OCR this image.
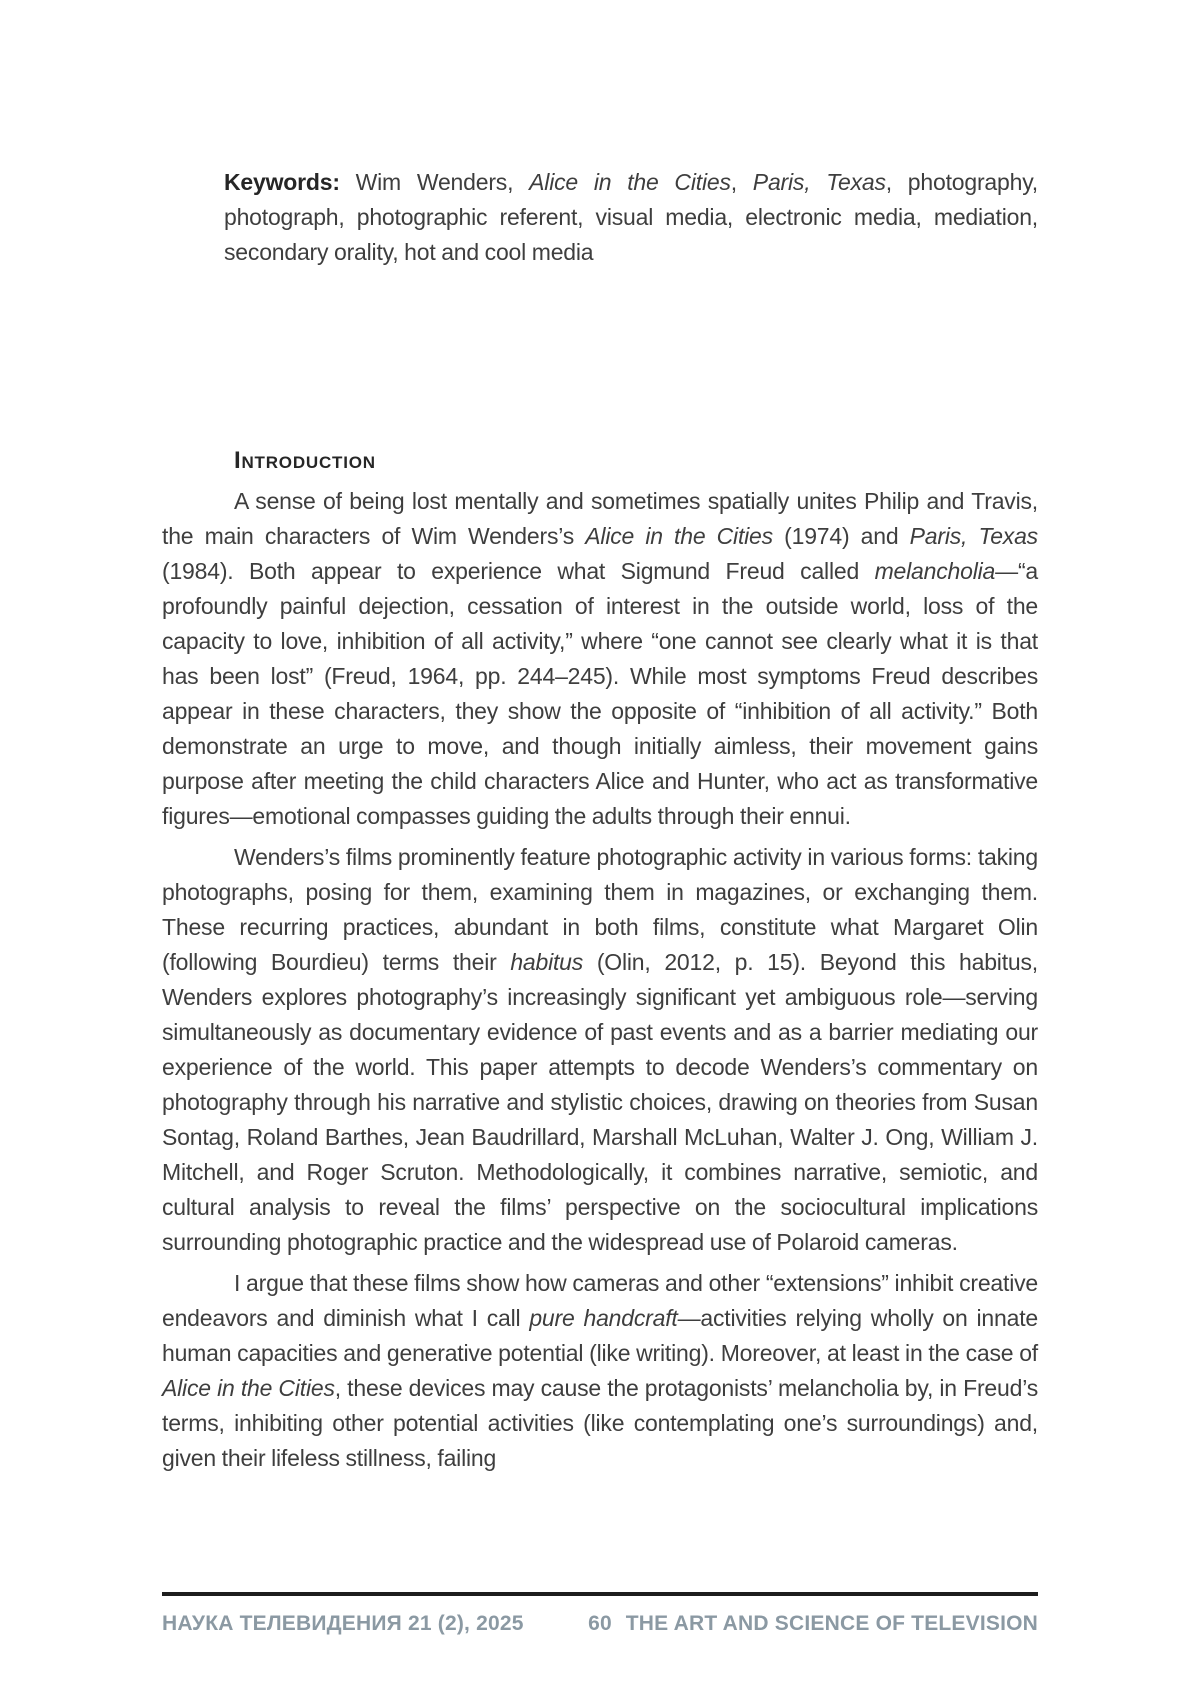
Keywords: Wim Wenders, Alice in the Cities, Paris, Texas, photography, photograph, photographic referent, visual media, electronic media, mediation, secondary orality, hot and cool media

Introduction

A sense of being lost mentally and sometimes spatially unites Philip and Travis, the main characters of Wim Wenders’s Alice in the Cities (1974) and Paris, Texas (1984). Both appear to experience what Sigmund Freud called melancholia—“a profoundly painful dejection, cessation of interest in the outside world, loss of the capacity to love, inhibition of all activity,” where “one cannot see clearly what it is that has been lost” (Freud, 1964, pp. 244–245). While most symptoms Freud describes appear in these characters, they show the opposite of “inhibition of all activity.” Both demonstrate an urge to move, and though initially aimless, their movement gains purpose after meeting the child characters Alice and Hunter, who act as transformative figures—emotional compasses guiding the adults through their ennui.

Wenders’s films prominently feature photographic activity in various forms: taking photographs, posing for them, examining them in magazines, or exchanging them. These recurring practices, abundant in both films, constitute what Margaret Olin (following Bourdieu) terms their habitus (Olin, 2012, p. 15). Beyond this habitus, Wenders explores photography’s increasingly significant yet ambiguous role—serving simultaneously as documentary evidence of past events and as a barrier mediating our experience of the world. This paper attempts to decode Wenders’s commentary on photography through his narrative and stylistic choices, drawing on theories from Susan Sontag, Roland Barthes, Jean Baudrillard, Marshall McLuhan, Walter J. Ong, William J. Mitchell, and Roger Scruton. Methodologically, it combines narrative, semiotic, and cultural analysis to reveal the films’ perspective on the sociocultural implications surrounding photographic practice and the widespread use of Polaroid cameras.

I argue that these films show how cameras and other “extensions” inhibit creative endeavors and diminish what I call pure handcraft—activities relying wholly on innate human capacities and generative potential (like writing). Moreover, at least in the case of Alice in the Cities, these devices may cause the protagonists’ melancholia by, in Freud’s terms, inhibiting other potential activities (like contemplating one’s surroundings) and, given their lifeless stillness, failing

НАУКА ТЕЛЕВИДЕНИЯ 21 (2), 2025	60 THE ART AND SCIENCE OF TELEVISION
